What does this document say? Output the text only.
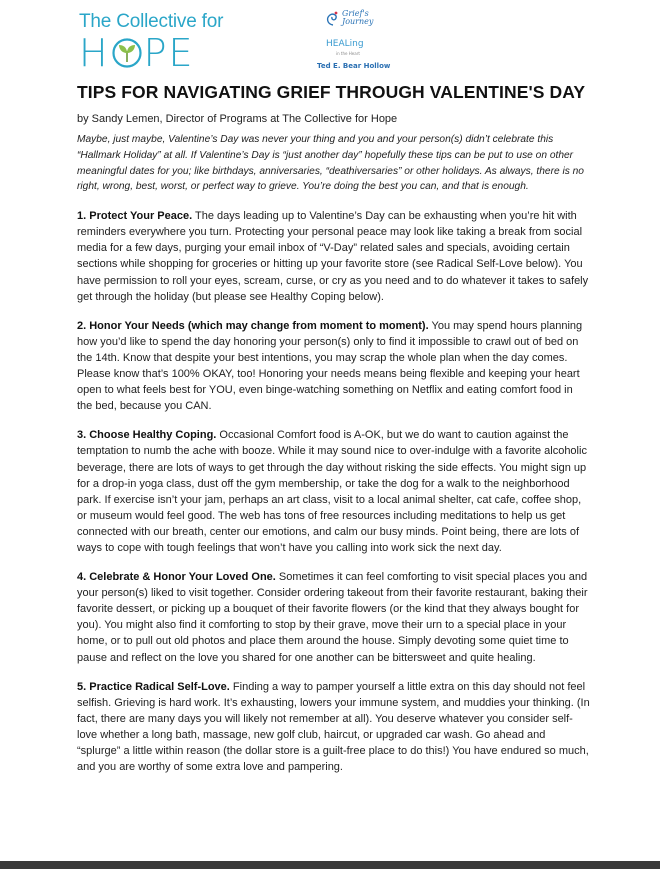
The Collective for
H PE
Grief's
Journey
HEALing
in the Heart
Ted E. Bear Hollow
TIPS FOR NAVIGATING GRIEF THROUGH VALENTINE'S DAY
by Sandy Lemen, Director of Programs at The Collective for Hope
Maybe, just maybe, Valentine’s Day was never your thing and you and your person(s) didn’t celebrate this “Hallmark Holiday” at all. If Valentine’s Day is “just another day” hopefully these tips can be put to use on other meaningful dates for you; like birthdays, anniversaries, “deathiversaries” or other holidays. As always, there is no right, wrong, best, worst, or perfect way to grieve. You’re doing the best you can, and that is enough.
1. Protect Your Peace. The days leading up to Valentine’s Day can be exhausting when you’re hit with reminders everywhere you turn. Protecting your personal peace may look like taking a break from social media for a few days, purging your email inbox of “V-Day” related sales and specials, avoiding certain sections while shopping for groceries or hitting up your favorite store (see Radical Self-Love below). You have permission to roll your eyes, scream, curse, or cry as you need and to do whatever it takes to safely get through the holiday (but please see Healthy Coping below).
2. Honor Your Needs (which may change from moment to moment). You may spend hours planning how you’d like to spend the day honoring your person(s) only to find it impossible to crawl out of bed on the 14th. Know that despite your best intentions, you may scrap the whole plan when the day comes. Please know that’s 100% OKAY, too! Honoring your needs means being flexible and keeping your heart open to what feels best for YOU, even binge-watching something on Netflix and eating comfort food in the bed, because you CAN.
3. Choose Healthy Coping. Occasional Comfort food is A-OK, but we do want to caution against the temptation to numb the ache with booze. While it may sound nice to over-indulge with a favorite alcoholic beverage, there are lots of ways to get through the day without risking the side effects. You might sign up for a drop-in yoga class, dust off the gym membership, or take the dog for a walk to the neighborhood park. If exercise isn’t your jam, perhaps an art class, visit to a local animal shelter, cat cafe, coffee shop, or museum would feel good. The web has tons of free resources including meditations to help us get connected with our breath, center our emotions, and calm our busy minds. Point being, there are lots of ways to cope with tough feelings that won’t have you calling into work sick the next day.
4. Celebrate & Honor Your Loved One. Sometimes it can feel comforting to visit special places you and your person(s) liked to visit together. Consider ordering takeout from their favorite restaurant, baking their favorite dessert, or picking up a bouquet of their favorite flowers (or the kind that they always bought for you). You might also find it comforting to stop by their grave, move their urn to a special place in your home, or to pull out old photos and place them around the house. Simply devoting some quiet time to pause and reflect on the love you shared for one another can be bittersweet and quite healing.
5. Practice Radical Self-Love. Finding a way to pamper yourself a little extra on this day should not feel selfish. Grieving is hard work. It’s exhausting, lowers your immune system, and muddies your thinking. (In fact, there are many days you will likely not remember at all). You deserve whatever you consider self-love whether a long bath, massage, new golf club, haircut, or upgraded car wash. Go ahead and “splurge” a little within reason (the dollar store is a guilt-free place to do this!) You have endured so much, and you are worthy of some extra love and pampering.
